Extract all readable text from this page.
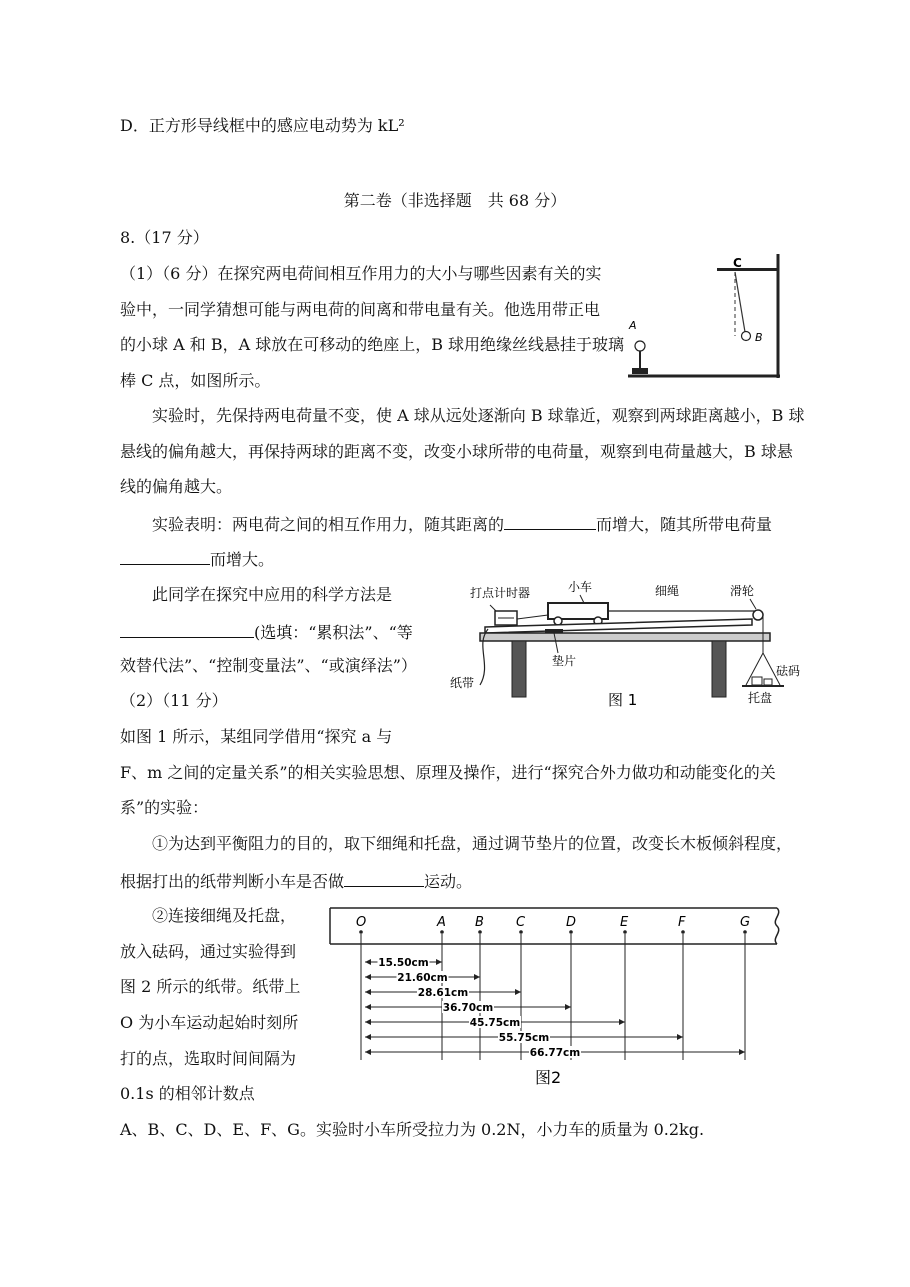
D．正方形导线框中的感应电动势为 kL²
第二卷（非选择题　共 68 分）
8.（17 分）
（1）（6 分）在探究两电荷间相互作用力的大小与哪些因素有关的实
验中，一同学猜想可能与两电荷的间离和带电量有关。他选用带正电
的小球 A 和 B，A 球放在可移动的绝座上，B 球用绝缘丝线悬挂于玻璃
棒 C 点，如图所示。
C
B
A
实验时，先保持两电荷量不变，使 A 球从远处逐渐向 B 球靠近，观察到两球距离越小，B 球
悬线的偏角越大，再保持两球的距离不变，改变小球所带的电荷量，观察到电荷量越大，B 球悬
线的偏角越大。
实验表明：两电荷之间的相互作用力，随其距离的	而增大，随其所带电荷量
而增大。
此同学在探究中应用的科学方法是
(选填：“累积法”、“等
效替代法”、“控制变量法”、“或演绎法”）
打点计时器	小车	细绳	滑轮
垫片
纸带
砝码
托盘
图 1
（2）（11 分）
如图 1 所示，某组同学借用“探究 a 与
F、m 之间的定量关系”的相关实验思想、原理及操作，进行“探究合外力做功和动能变化的关
系”的实验：
①为达到平衡阻力的目的，取下细绳和托盘，通过调节垫片的位置，改变长木板倾斜程度，
根据打出的纸带判断小车是否做	运动。
②连接细绳及托盘，
放入砝码，通过实验得到
图 2 所示的纸带。纸带上
O 为小车运动起始时刻所
打的点，选取时间间隔为
0.1s 的相邻计数点
O	A B C	D	E	F	G
15.50cm
21.60cm
28.61cm
36.70cm
45.75cm
55.75cm
66.77cm
图2
A、B、C、D、E、F、G。实验时小车所受拉力为 0.2N，小力车的质量为 0.2kg.
